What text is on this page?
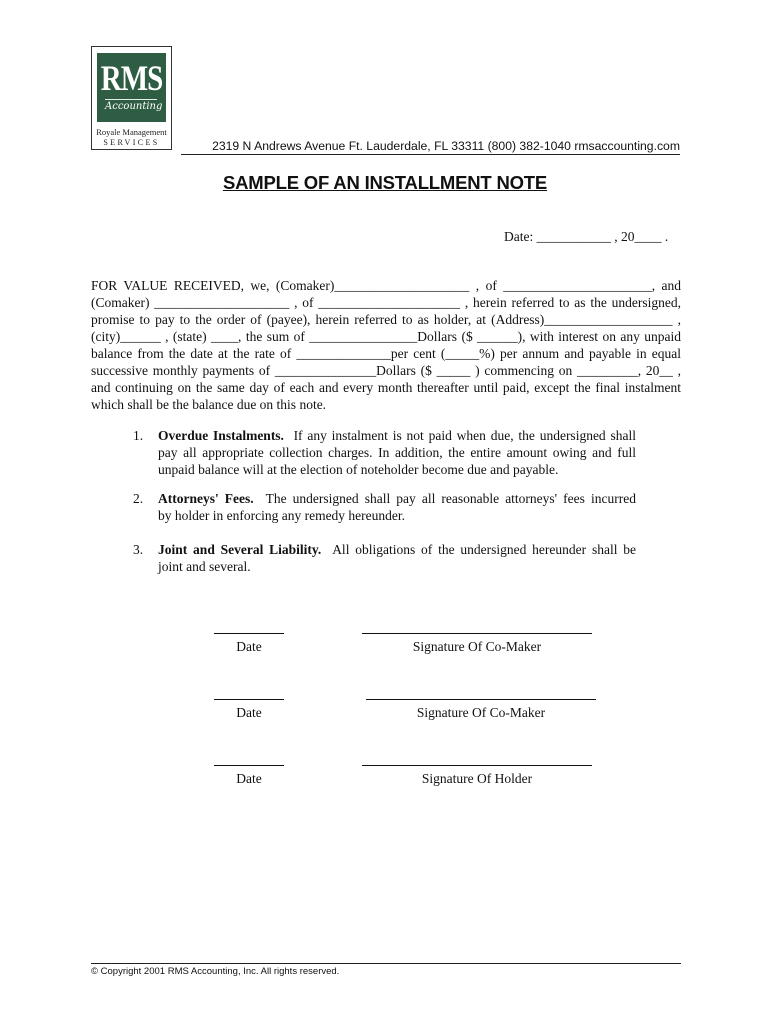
RMS
Accounting
Royale Management
SERVICES	2319 N Andrews Avenue Ft. Lauderdale, FL 33311 (800) 382-1040 rmsaccounting.com
SAMPLE OF AN INSTALLMENT NOTE
Date: ___________ , 20____ .
FOR VALUE RECEIVED, we, (Comaker)____________________ , of ______________________, and
(Comaker) ____________________ , of _____________________ , herein referred to as the undersigned,
promise to pay to the order of (payee), herein referred to as holder, at (Address)___________________ ,
(city)______ , (state) ____, the sum of ________________Dollars ($ ______), with interest on any unpaid
balance from the date at the rate of ______________per cent (_____%) per annum and payable in equal
successive monthly payments of _______________Dollars ($ _____ ) commencing on _________, 20__ ,
and continuing on the same day of each and every month thereafter until paid, except the final instalment
which shall be the balance due on this note.
1. Overdue Instalments. If any instalment is not paid when due, the undersigned shall
pay all appropriate collection charges. In addition, the entire amount owing and full
unpaid balance will at the election of noteholder become due and payable.
2. Attorneys' Fees. The undersigned shall pay all reasonable attorneys' fees incurred
by holder in enforcing any remedy hereunder.
3. Joint and Several Liability. All obligations of the undersigned hereunder shall be
joint and several.
Date	Signature Of Co-Maker
Date	Signature Of Co-Maker
Date	Signature Of Holder
© Copyright 2001 RMS Accounting, Inc. All rights reserved.
